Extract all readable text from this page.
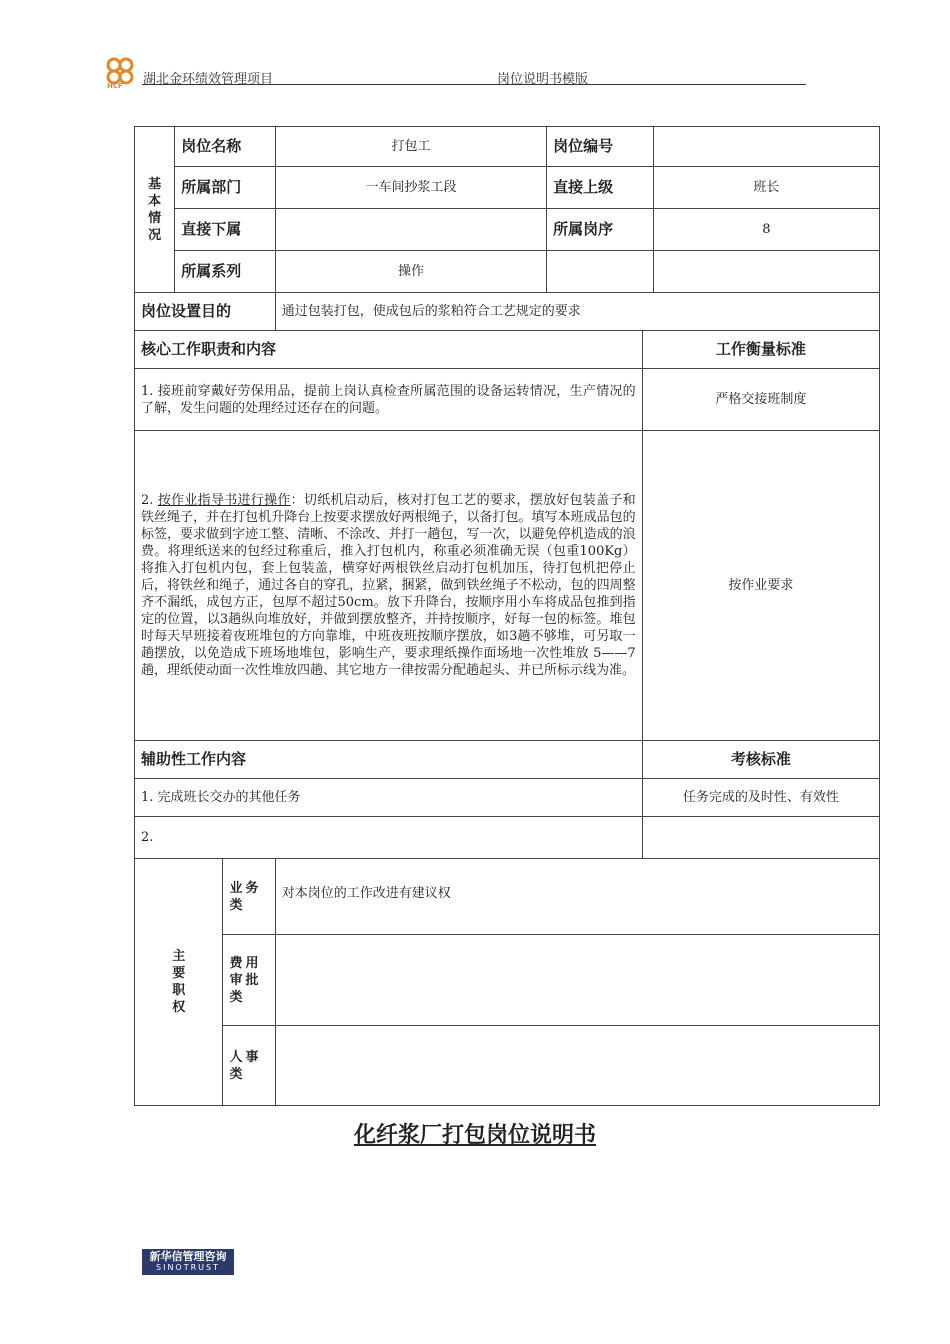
HCF 湖北金环绩效管理项目	岗位说明书模版
基
本
情
况	岗位名称		打包工	岗位编号		
	所属部门		一车间抄浆工段	直接上级		班长
	直接下属			所属岗序		8
	所属系列		操作			
岗位设置目的			通过包装打包，使成包后的浆粕符合工艺规定的要求			
核心工作职责和内容					工作衡量标准	
1. 接班前穿戴好劳保用品，提前上岗认真检查所属范围的设备运转情况，生产情况的了解，发生问题的处理经过还存在的问题。					严格交接班制度	
2. 按作业指导书进行操作：切纸机启动后，核对打包工艺的要求，摆放好包装盖子和铁丝绳子，并在打包机升降台上按要求摆放好两根绳子，以备打包。填写本班成品包的标签，要求做到字迹工整、清晰、不涂改、并打一趟包，写一次，以避免停机造成的浪费。将理纸送来的包经过称重后，推入打包机内，称重必须准确无误（包重100Kg）将推入打包机内包，套上包装盖，横穿好两根铁丝启动打包机加压，待打包机把停止后，将铁丝和绳子，通过各自的穿孔，拉紧，捆紧，做到铁丝绳子不松动，包的四周整齐不漏纸，成包方正，包厚不超过50cm。放下升降台，按顺序用小车将成品包推到指定的位置，以3趟纵向堆放好，并做到摆放整齐，并持按顺序，好每一包的标签。堆包时每天早班接着夜班堆包的方向靠堆，中班夜班按顺序摆放，如3趟不够堆，可另取一趟摆放，以免造成下班场地堆包，影响生产，要求理纸操作面场地一次性堆放 5——7趟，理纸使动面一次性堆放四趟、其它地方一律按需分配趟起头、并已所标示线为准。					按作业要求	
辅助性工作内容					考核标准	
1. 完成班长交办的其他任务					任务完成的及时性、有效性	
2.						
主
要
职
权		业务类	对本岗位的工作改进有建议权			
		费用审批类				
		人事类				
化纤浆厂打包岗位说明书
新华信管理咨询
SINOTRUST
